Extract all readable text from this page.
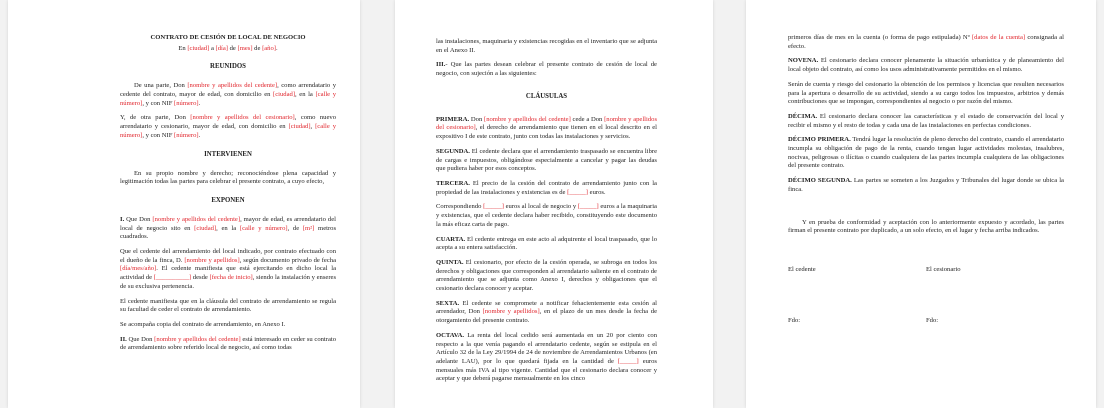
CONTRATO DE CESIÓN DE LOCAL DE NEGOCIO

En [ciudad] a [día] de [mes] de [año].

REUNIDOS

De una parte, Don [nombre y apellidos del cedente], como arrendatario y cedente del contrato, mayor de edad, con domicilio en [ciudad], en la [calle y número], y con NIF [número].

Y, de otra parte, Don [nombre y apellidos del cesionario], como nuevo arrendatario y cesionario, mayor de edad, con domicilio en [ciudad], [calle y número], y con NIF [número].

INTERVIENEN

En su propio nombre y derecho; reconociéndose plena capacidad y legitimación todas las partes para celebrar el presente contrato, a cuyo efecto,

EXPONEN

I. Que Don [nombre y apellidos del cedente], mayor de edad, es arrendatario del local de negocio sito en [ciudad], en la [calle y número], de [m²] metros cuadrados.

Que el cedente del arrendamiento del local indicado, por contrato efectuado con el dueño de la finca, D. [nombre y apellidos], según documento privado de fecha [día/mes/año]. El cedente manifiesta que está ejercitando en dicho local la actividad de [__________] desde [fecha de inicio], siendo la instalación y enseres de su exclusiva pertenencia.

El cedente manifiesta que en la cláusula del contrato de arrendamiento se regula su facultad de ceder el contrato de arrendamiento.

Se acompaña copia del contrato de arrendamiento, en Anexo I.

II. Que Don [nombre y apellidos del cedente] está interesado en ceder su contrato de arrendamiento sobre referido local de negocio, así como todas

las instalaciones, maquinaria y existencias recogidas en el inventario que se adjunta en el Anexo II.

III.- Que las partes desean celebrar el presente contrato de cesión de local de negocio, con sujeción a las siguientes:

CLÁUSULAS

PRIMERA. Don [nombre y apellidos del cedente] cede a Don [nombre y apellidos del cesionario], el derecho de arrendamiento que tienen en el local descrito en el expositivo I de este contrato, junto con todas las instalaciones y servicios.

SEGUNDA. El cedente declara que el arrendamiento traspasado se encuentra libre de cargas e impuestos, obligándose especialmente a cancelar y pagar las deudas que pudiera haber por esos conceptos.

TERCERA. El precio de la cesión del contrato de arrendamiento junto con la propiedad de las instalaciones y existencias es de [_____] euros.

Correspondiendo [_____] euros al local de negocio y [_____] euros a la maquinaria y existencias, que el cedente declara haber recibido, constituyendo este documento la más eficaz carta de pago.

CUARTA. El cedente entrega en este acto al adquirente el local traspasado, que lo acepta a su entera satisfacción.

QUINTA. El cesionario, por efecto de la cesión operada, se subroga en todos los derechos y obligaciones que corresponden al arrendatario saliente en el contrato de arrendamiento que se adjunta como Anexo I, derechos y obligaciones que el cesionario declara conocer y aceptar.

SEXTA. El cedente se compromete a notificar fehacientemente esta cesión al arrendador, Don [nombre y apellidos], en el plazo de un mes desde la fecha de otorgamiento del presente contrato.

OCTAVA. La renta del local cedido será aumentada en un 20 por ciento con respecto a la que venía pagando el arrendatario cedente, según se estipula en el Artículo 32 de la Ley 29/1994 de 24 de noviembre de Arrendamientos Urbanos (en adelante LAU), por lo que quedará fijada en la cantidad de [_____] euros mensuales más IVA al tipo vigente. Cantidad que el cesionario declara conocer y aceptar y que deberá pagarse mensualmente en los cinco

primeros días de mes en la cuenta (o forma de pago estipulada) Nº [datos de la cuenta] consignada al efecto.

NOVENA. El cesionario declara conocer plenamente la situación urbanística y de planeamiento del local objeto del contrato, así como los usos administrativamente permitidos en el mismo.

Serán de cuenta y riesgo del cesionario la obtención de los permisos y licencias que resulten necesarios para la apertura o desarrollo de su actividad, siendo a su cargo todos los impuestos, arbitrios y demás contribuciones que se impongan, correspondientes al negocio o por razón del mismo.

DÉCIMA. El cesionario declara conocer las características y el estado de conservación del local y recibir el mismo y el resto de todas y cada una de las instalaciones en perfectas condiciones.

DÉCIMO PRIMERA. Tendrá lugar la resolución de pleno derecho del contrato, cuando el arrendatario incumpla su obligación de pago de la renta, cuando tengan lugar actividades molestas, insalubres, nocivas, peligrosas o ilícitas o cuando cualquiera de las partes incumpla cualquiera de las obligaciones del presente contrato.

DÉCIMO SEGUNDA. Las partes se someten a los Juzgados y Tribunales del lugar donde se ubica la finca.

Y en prueba de conformidad y aceptación con lo anteriormente expuesto y acordado, las partes firman el presente contrato por duplicado, a un solo efecto, en el lugar y fecha arriba indicados.

El cedente	El cesionario
Fdo:	Fdo:
